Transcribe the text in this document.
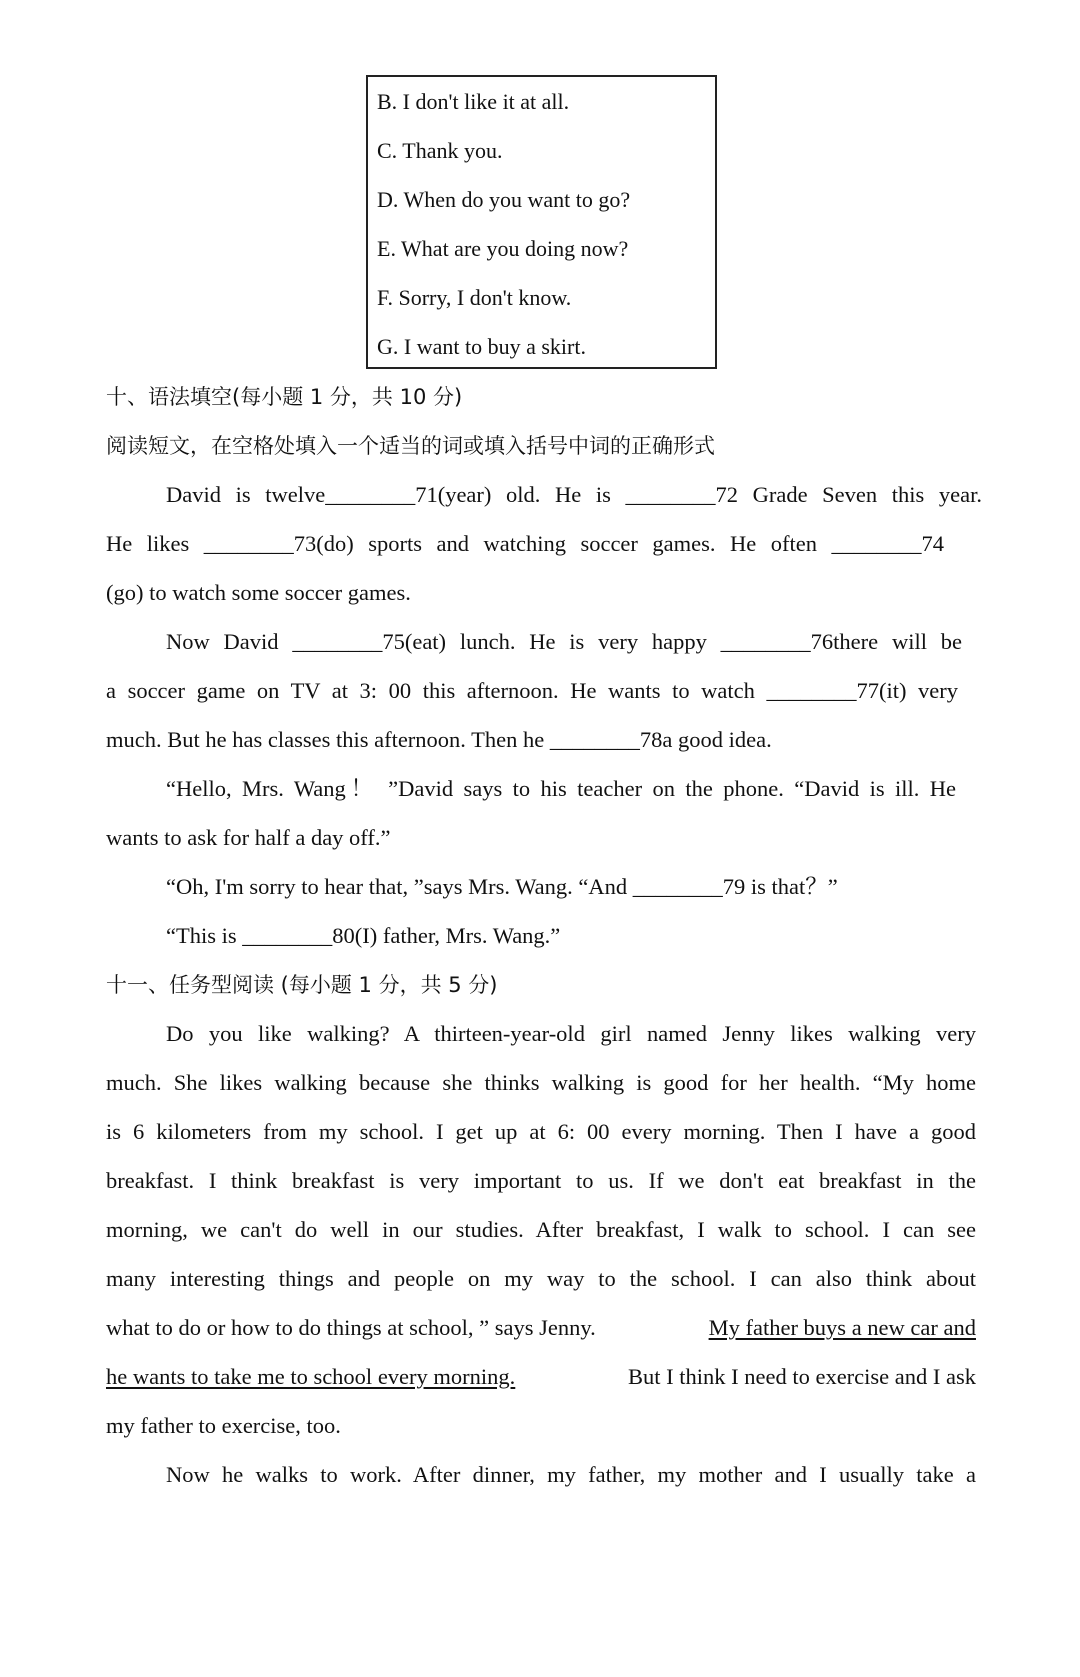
B. I don't like it at all.
C. Thank you.
D. When do you want to go?
E. What are you doing now?
F. Sorry, I don't know.
G. I want to buy a skirt.
十、语法填空(每小题 1 分，共 10 分)
阅读短文，在空格处填入一个适当的词或填入括号中词的正确形式
David is twelve________71(year) old. He is ________72 Grade Seven this year.
He likes ________73(do) sports and watching soccer games. He often ________74
(go) to watch some soccer games.
Now David ________75(eat) lunch. He is very happy ________76there will be
a soccer game on TV at 3: 00 this afternoon. He wants to watch ________77(it) very
much. But he has classes this afternoon. Then he ________78a good idea.
“Hello, Mrs. Wang！ ”David says to his teacher on the phone. “David is ill. He
wants to ask for half a day off.”
“Oh, I'm sorry to hear that, ”says Mrs. Wang. “And ________79 is that？”
“This is ________80(I) father, Mrs. Wang.”
十一、任务型阅读 (每小题 1 分，共 5 分)
Do you like walking? A thirteen-year-old girl named Jenny likes walking very
much. She likes walking because she thinks walking is good for her health. “My home
is 6 kilometers from my school. I get up at 6: 00 every morning. Then I have a good
breakfast. I think breakfast is very important to us. If we don't eat breakfast in the
morning, we can't do well in our studies. After breakfast, I walk to school. I can see
many interesting things and people on my way to the school. I can also think about
what to do or how to do things at school, ” says Jenny.	My father buys a new car and
he wants to take me to school every morning.	But I think I need to exercise and I ask
my father to exercise, too.
Now he walks to work. After dinner, my father, my mother and I usually take a
